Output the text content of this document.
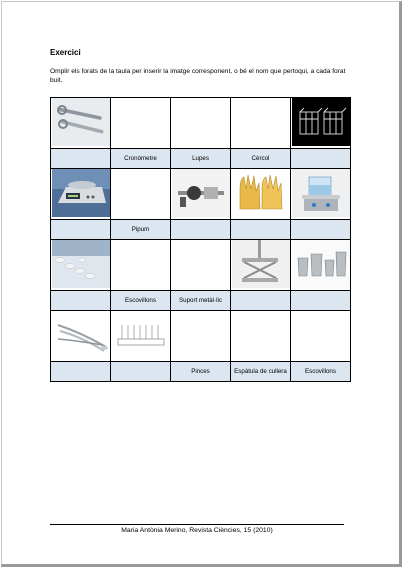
Exercici
Omplir els forats de la taula per inserir la imatge corresponent, o bé el nom que pertoqui, a cada forat buit.

	Cronòmetre	Lupes	Cèrcol	

	Pipum			

	Escovillons	Suport metàl·lic		

		Pinces	Espàtula de cullera	Escovillons
Maria Antònia Merino, Revista Ciències, 15 (2010)
